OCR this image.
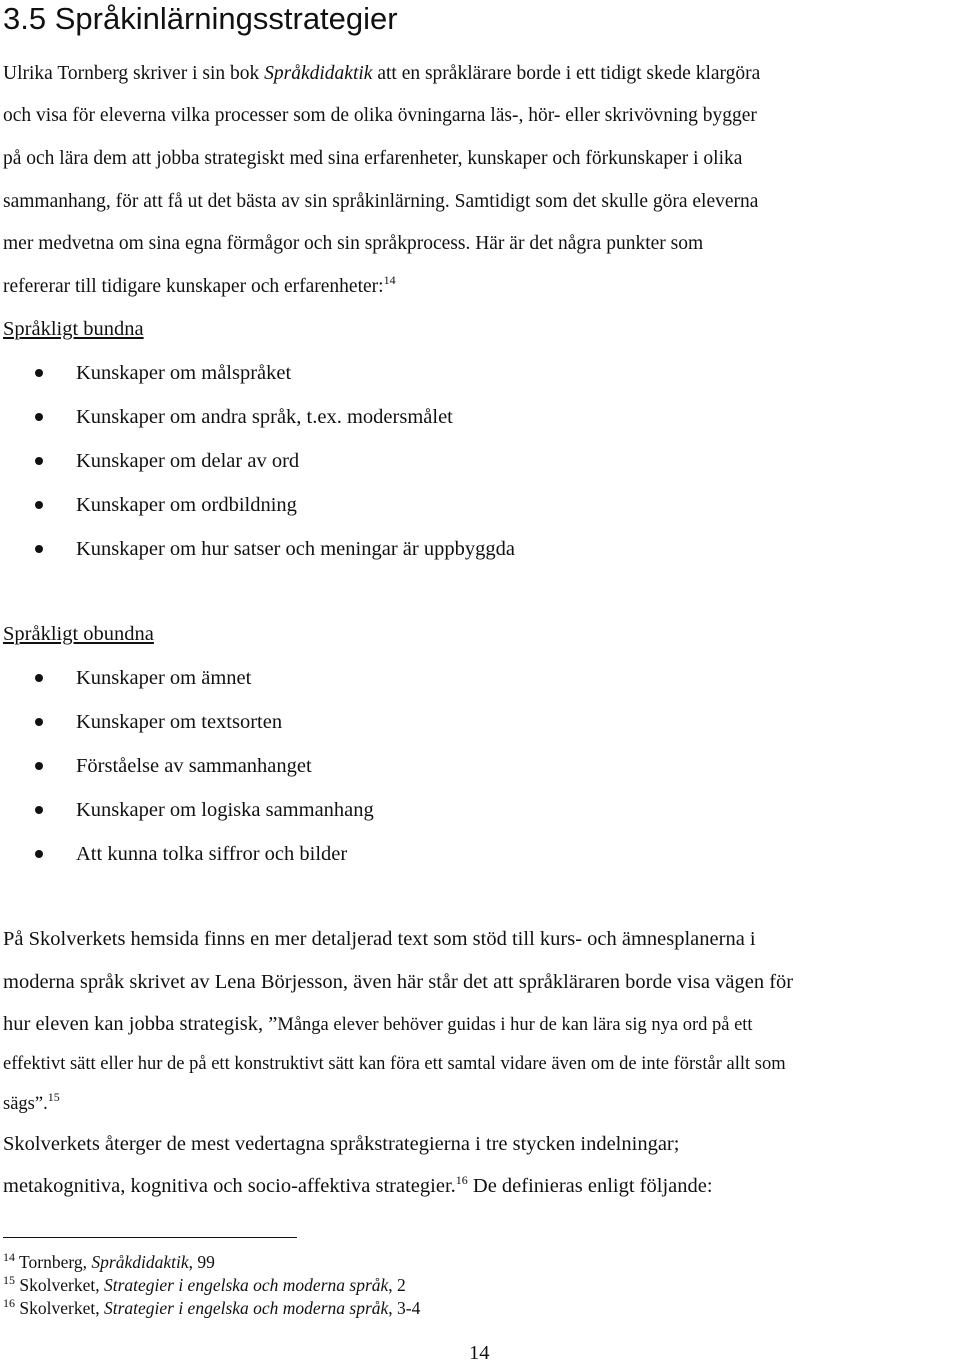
3.5 Språkinlärningsstrategier
Ulrika Tornberg skriver i sin bok Språkdidaktik att en språklärare borde i ett tidigt skede klargöra
och visa för eleverna vilka processer som de olika övningarna läs-, hör- eller skrivövning bygger
på och lära dem att jobba strategiskt med sina erfarenheter, kunskaper och förkunskaper i olika
sammanhang, för att få ut det bästa av sin språkinlärning. Samtidigt som det skulle göra eleverna
mer medvetna om sina egna förmågor och sin språkprocess. Här är det några punkter som
refererar till tidigare kunskaper och erfarenheter:$^{14}$
Språkligt bundna
Kunskaper om målspråket
Kunskaper om andra språk, t.ex. modersmålet
Kunskaper om delar av ord
Kunskaper om ordbildning
Kunskaper om hur satser och meningar är uppbyggda
Språkligt obundna
Kunskaper om ämnet
Kunskaper om textsorten
Förståelse av sammanhanget
Kunskaper om logiska sammanhang
Att kunna tolka siffror och bilder
På Skolverkets hemsida finns en mer detaljerad text som stöd till kurs- och ämnesplanerna i
moderna språk skrivet av Lena Börjesson, även här står det att språkläraren borde visa vägen för
hur eleven kan jobba strategisk, ”Många elever behöver guidas i hur de kan lära sig nya ord på ett
effektivt sätt eller hur de på ett konstruktivt sätt kan föra ett samtal vidare även om de inte förstår allt som
sägs”.$^{15}$
Skolverkets återger de mest vedertagna språkstrategierna i tre stycken indelningar;
metakognitiva, kognitiva och socio-affektiva strategier.$^{16}$ De definieras enligt följande:
$^{14}$ Tornberg, Språkdidaktik, 99
$^{15}$ Skolverket, Strategier i engelska och moderna språk, 2
$^{16}$ Skolverket, Strategier i engelska och moderna språk, 3-4
14
